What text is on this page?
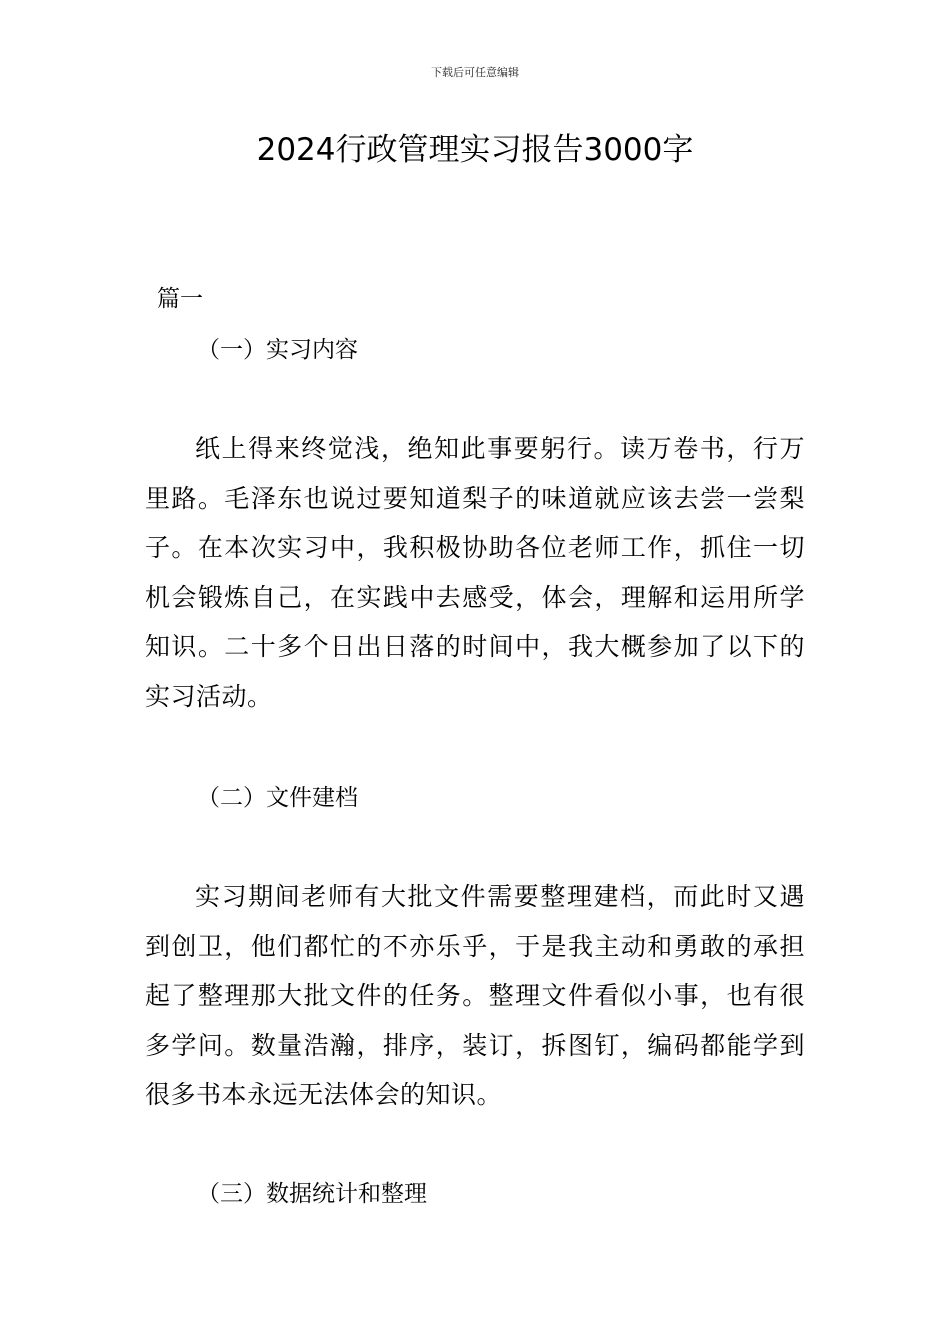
下载后可任意编辑
2024行政管理实习报告3000字
篇一
（一）实习内容

纸上得来终觉浅，绝知此事要躬行。读万卷书，行万里路。毛泽东也说过要知道梨子的味道就应该去尝一尝梨子。在本次实习中，我积极协助各位老师工作，抓住一切机会锻炼自己，在实践中去感受，体会，理解和运用所学知识。二十多个日出日落的时间中，我大概参加了以下的实习活动。

（二）文件建档

实习期间老师有大批文件需要整理建档，而此时又遇到创卫，他们都忙的不亦乐乎，于是我主动和勇敢的承担起了整理那大批文件的任务。整理文件看似小事，也有很多学问。数量浩瀚，排序，装订，拆图钉，编码都能学到很多书本永远无法体会的知识。

（三）数据统计和整理
